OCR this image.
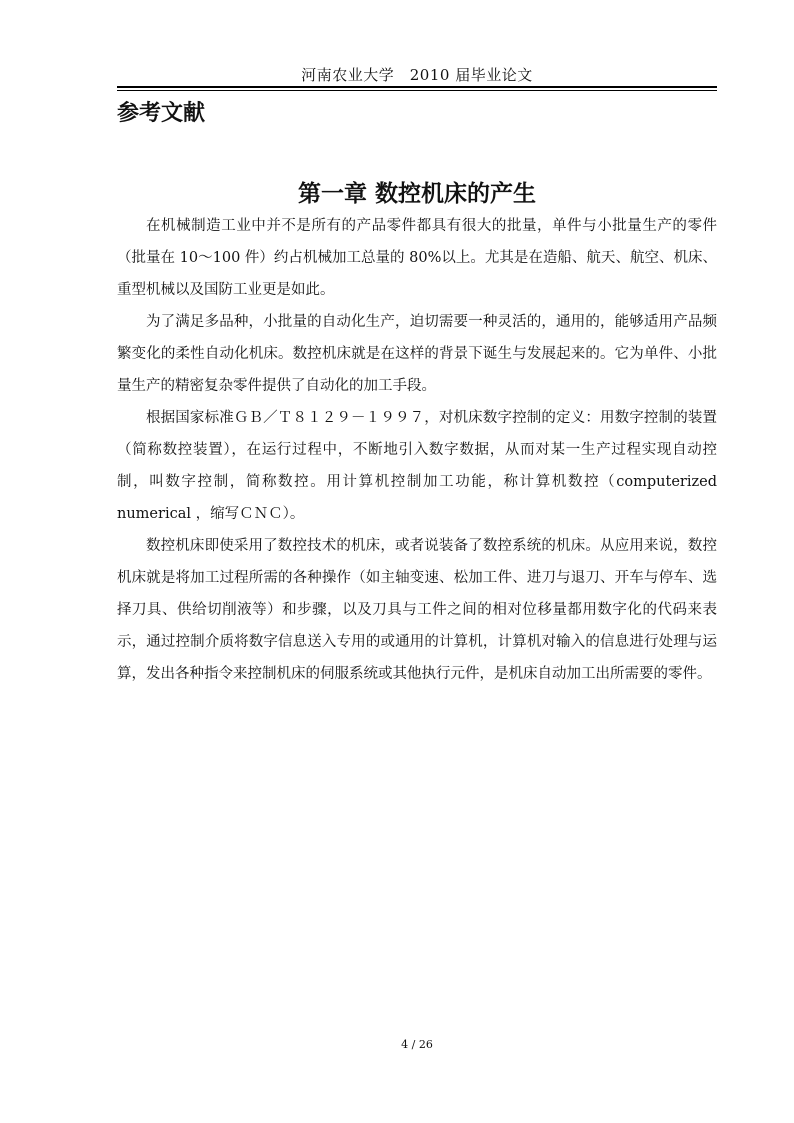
河南农业大学　2010 届毕业论文
参考文献
第一章 数控机床的产生

在机械制造工业中并不是所有的产品零件都具有很大的批量，单件与小批量生产的零件（批量在 10～100 件）约占机械加工总量的 80%以上。尤其是在造船、航天、航空、机床、重型机械以及国防工业更是如此。

为了满足多品种，小批量的自动化生产，迫切需要一种灵活的，通用的，能够适用产品频繁变化的柔性自动化机床。数控机床就是在这样的背景下诞生与发展起来的。它为单件、小批量生产的精密复杂零件提供了自动化的加工手段。

根据国家标准ＧＢ／Ｔ８１２９－１９９７，对机床数字控制的定义：用数字控制的装置（简称数控装置），在运行过程中，不断地引入数字数据，从而对某一生产过程实现自动控制，叫数字控制，简称数控。用计算机控制加工功能，称计算机数控（computerized numerical ，缩写ＣＮＣ）。

数控机床即使采用了数控技术的机床，或者说装备了数控系统的机床。从应用来说，数控机床就是将加工过程所需的各种操作（如主轴变速、松加工件、进刀与退刀、开车与停车、选择刀具、供给切削液等）和步骤，以及刀具与工件之间的相对位移量都用数字化的代码来表示，通过控制介质将数字信息送入专用的或通用的计算机，计算机对输入的信息进行处理与运算，发出各种指令来控制机床的伺服系统或其他执行元件，是机床自动加工出所需要的零件。

4 / 26
